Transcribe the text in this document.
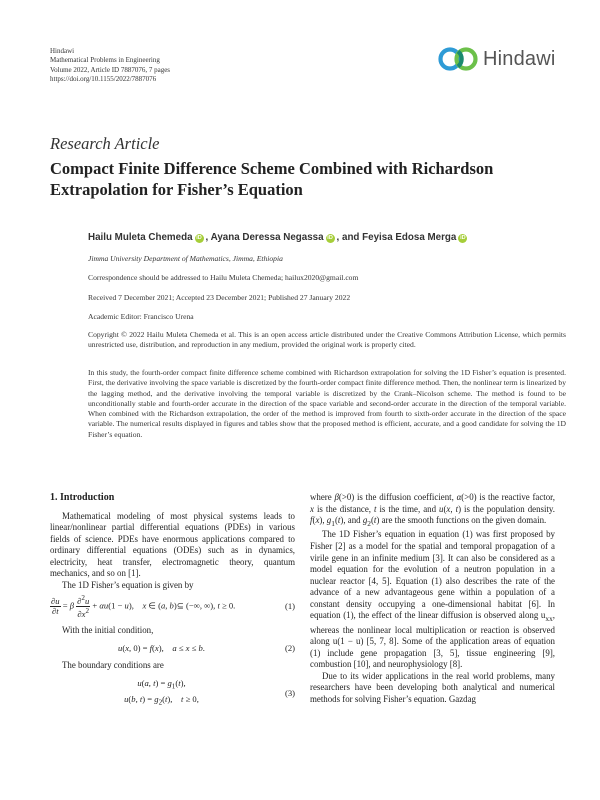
Hindawi
Mathematical Problems in Engineering
Volume 2022, Article ID 7887076, 7 pages
https://doi.org/10.1155/2022/7887076
Hindawi
Research Article
Compact Finite Difference Scheme Combined with Richardson Extrapolation for Fisher’s Equation
Hailu Muleta Chemeda iD , Ayana Deressa Negassa iD , and Feyisa Edosa Merga iD
Jimma University Department of Mathematics, Jimma, Ethiopia
Correspondence should be addressed to Hailu Muleta Chemeda; hailux2020@gmail.com
Received 7 December 2021; Accepted 23 December 2021; Published 27 January 2022
Academic Editor: Francisco Urena
Copyright © 2022 Hailu Muleta Chemeda et al. This is an open access article distributed under the Creative Commons Attribution License, which permits unrestricted use, distribution, and reproduction in any medium, provided the original work is properly cited.
In this study, the fourth-order compact finite difference scheme combined with Richardson extrapolation for solving the 1D Fisher’s equation is presented. First, the derivative involving the space variable is discretized by the fourth-order compact finite difference method. Then, the nonlinear term is linearized by the lagging method, and the derivative involving the temporal variable is discretized by the Crank–Nicolson scheme. The method is found to be unconditionally stable and fourth-order accurate in the direction of the space variable and second-order accurate in the direction of the temporal variable. When combined with the Richardson extrapolation, the order of the method is improved from fourth to sixth-order accurate in the direction of the space variable. The numerical results displayed in figures and tables show that the proposed method is efficient, accurate, and a good candidate for solving the 1D Fisher’s equation.
1. Introduction

Mathematical modeling of most physical systems leads to linear/nonlinear partial differential equations (PDEs) in various fields of science. PDEs have enormous applications compared to ordinary differential equations (ODEs) such as in dynamics, electricity, heat transfer, electromagnetic theory, quantum mechanics, and so on [1].

The 1D Fisher’s equation is given by

$\frac{\partial u}{\partial t} = \beta \frac{\partial^2u}{\partial x^2} + \alpha u(1 - u)$,    x ∈ (a, b)⊆ (−∞, ∞), t ≥ 0.	(1)

With the initial condition,

u(x, 0) = f(x),    a ≤ x ≤ b.	(2)

The boundary conditions are

u(a, $t) = g_1(t)$,
u(b, $t) = g_2(t)$,    t ≥ 0,
(3)

where β(>0) is the diffusion coefficient, α(>0) is the reactive factor, x is the distance, t is the time, and u(x, t) is the population density. f(x), $g_1(t)$, and $g_2(t)$ are the smooth functions on the given domain.

The 1D Fisher’s equation in equation (1) was first proposed by Fisher [2] as a model for the spatial and temporal propagation of a virile gene in an infinite medium [3]. It can also be considered as a model equation for the evolution of a neutron population in a nuclear reactor [4, 5]. Equation (1) also describes the rate of the advance of a new advantageous gene within a population of a constant density occupying a one-dimensional habitat [6]. In equation (1), the effect of the linear diffusion is observed along $u_{xx}$, whereas the nonlinear local multiplication or reaction is observed along u(1 − u) [5, 7, 8]. Some of the application areas of equation (1) include gene propagation [3, 5], tissue engineering [9], combustion [10], and neurophysiology [8].

Due to its wider applications in the real world problems, many researchers have been developing both analytical and numerical methods for solving Fisher’s equation. Gazdag
